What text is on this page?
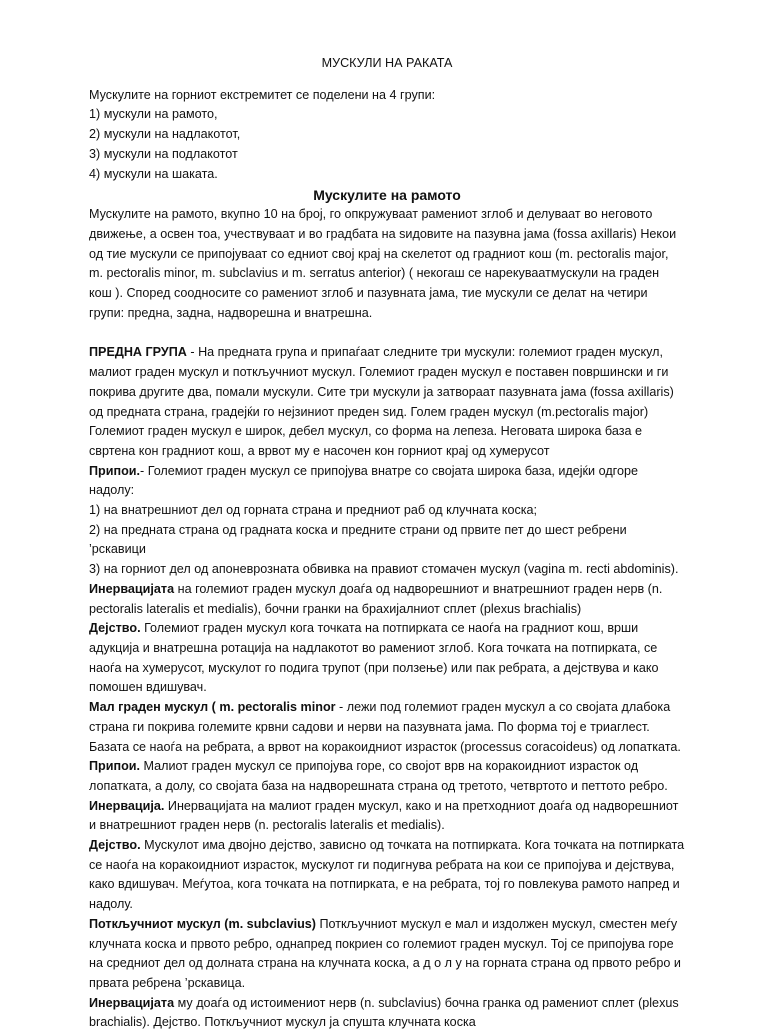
МУСКУЛИ НА РАКАТА

Мускулите на горниот екстремитет се поделени на 4 групи:

1) мускули на рамото,

2) мускули на надлакотот,

3) мускули на подлакотот

4) мускули на шаката.

Мускулите на рамото

Мускулите на рамото, вкупно 10 на број, го опкружуваат рамениот зглоб и делуваат во неговото движење, а освен тоа, учествуваат и во градбата на ѕидовите на пазувна јама (fossa axillaris) Некои од тие мускули се припојуваат со едниот свој крај на скелетот од градниот кош (m. pectoralis major, m. pectoralis minor, m. subclavius и m. serratus anterior) ( некогаш се нарекуваатмускули на граден кош ). Според соодносите со рамениот зглоб и пазувната јама, тие мускули се делат на четири групи: предна, задна, надворешна и внатрешна.

ПРЕДНА ГРУПА - На предната група и припаѓаат следните три мускули: големиот граден мускул, малиот граден мускул и поткључниот мускул. Големиот граден мускул е поставен површински и ги покрива другите два, помали мускули. Сите три мускули ја затвораат пазувната јама (fossa axillaris) од предната страна, градејќи го нејзиниот преден ѕид. Голем граден мускул (m.pectoralis major) Големиот граден мускул е широк, дебел мускул, со форма на лепеза. Неговата широка база е свртена кон градниот кош, а врвот му е насочен кон горниот крај од хумерусот

Припои.- Големиот граден мускул се припојува внатре со својата широка база, идејќи одгоре надолу:

1) на внатрешниот дел од горната страна и предниот раб од клучната коска;

2) на предната страна од градната коска и предните страни од првите пет до шест ребрени ’рскавици

3) на горниот дел од апоневрозната обвивка на правиот стомачен мускул (vagina m. recti abdominis).

Инервацијата на големиот граден мускул доаѓа од надворешниот и внатрешниот граден нерв (n. pectoralis lateralis et medialis), бочни гранки на брахијалниот сплет (plexus brachialis)

Дејство. Големиот граден мускул кога точката на потпирката се наоѓа на градниот кош, врши адукција и внатрешна ротација на надлакотот во рамениот зглоб. Кога точката на потпирката, се наоѓа на хумерусот, мускулот го подига трупот (при ползење) или пак ребрата, а дејствува и како помошен вдишувач.

Мал граден мускул ( m. pectoralis minor - лежи под големиот граден мускул а со својата длабока страна ги покрива големите крвни садови и нерви на пазувната јама. По форма тој е триаглест. Базата се наоѓа на ребрата, а врвот на коракоидниот израсток (processus coracoideus) од лопатката.

Припои. Малиот граден мускул се припојува горе, со својот врв на коракоидниот израсток од лопатката, а долу, со својата база на надворешната страна од третото, четвртото и петтото ребро.

Инервација. Инервацијата на малиот граден мускул, како и на претходниот доаѓа од надворешниот и внатрешниот граден нерв (n. pectoralis lateralis et medialis).

Дејство. Мускулот има двојно дејство, зависно од точката на потпирката. Кога точката на потпирката се наоѓа на коракоидниот израсток, мускулот ги подигнува ребрата на кои се припојува и дејствува, како вдишувач. Меѓутоа, кога точката на потпирката, е на ребрата, тој го повлекува рамото напред и надолу.

Поткључниот мускул (m. subclavius) Поткључниот мускул е мал и издолжен мускул, сместен меѓу клучната коска и првото ребро, однапред покриен со големиот граден мускул. Тој се припојува горе на средниот дел од долната страна на клучната коска, а д о л у на горната страна од првото ребро и првата ребрена ’рскавица.

Инервацијата му доаѓа од истоимениот нерв (n. subclavius) бочна гранка од рамениот сплет (plexus brachialis). Дејство. Поткључниот мускул ја спушта клучната коска
